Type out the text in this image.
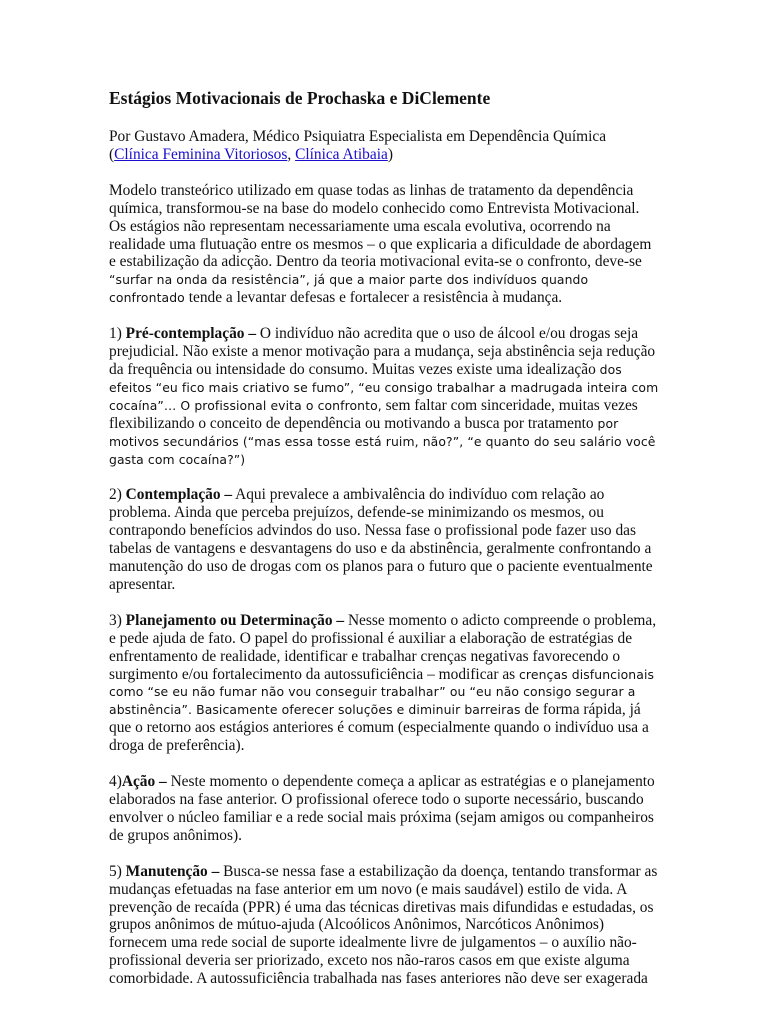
Estágios Motivacionais de Prochaska e DiClemente

Por Gustavo Amadera, Médico Psiquiatra Especialista em Dependência Química (Clínica Feminina Vitoriosos, Clínica Atibaia)

Modelo transteórico utilizado em quase todas as linhas de tratamento da dependência química, transformou-se na base do modelo conhecido como Entrevista Motivacional. Os estágios não representam necessariamente uma escala evolutiva, ocorrendo na realidade uma flutuação entre os mesmos – o que explicaria a dificuldade de abordagem e estabilização da adicção. Dentro da teoria motivacional evita-se o confronto, deve-se “surfar na onda da resistência”, já que a maior parte dos indivíduos quando confrontado tende a levantar defesas e fortalecer a resistência à mudança.

1) Pré-contemplação – O indivíduo não acredita que o uso de álcool e/ou drogas seja prejudicial. Não existe a menor motivação para a mudança, seja abstinência seja redução da frequência ou intensidade do consumo. Muitas vezes existe uma idealização dos efeitos “eu fico mais criativo se fumo”, “eu consigo trabalhar a madrugada inteira com cocaína”… O profissional evita o confronto, sem faltar com sinceridade, muitas vezes flexibilizando o conceito de dependência ou motivando a busca por tratamento por motivos secundários (“mas essa tosse está ruim, não?”, “e quanto do seu salário você gasta com cocaína?”)

2) Contemplação – Aqui prevalece a ambivalência do indivíduo com relação ao problema. Ainda que perceba prejuízos, defende-se minimizando os mesmos, ou contrapondo benefícios advindos do uso. Nessa fase o profissional pode fazer uso das tabelas de vantagens e desvantagens do uso e da abstinência, geralmente confrontando a manutenção do uso de drogas com os planos para o futuro que o paciente eventualmente apresentar.

3) Planejamento ou Determinação – Nesse momento o adicto compreende o problema, e pede ajuda de fato. O papel do profissional é auxiliar a elaboração de estratégias de enfrentamento de realidade, identificar e trabalhar crenças negativas favorecendo o surgimento e/ou fortalecimento da autossuficiência – modificar as crenças disfuncionais como “se eu não fumar não vou conseguir trabalhar” ou “eu não consigo segurar a abstinência”. Basicamente oferecer soluções e diminuir barreiras de forma rápida, já que o retorno aos estágios anteriores é comum (especialmente quando o indivíduo usa a droga de preferência).

4)Ação – Neste momento o dependente começa a aplicar as estratégias e o planejamento elaborados na fase anterior. O profissional oferece todo o suporte necessário, buscando envolver o núcleo familiar e a rede social mais próxima (sejam amigos ou companheiros de grupos anônimos).

5) Manutenção – Busca-se nessa fase a estabilização da doença, tentando transformar as mudanças efetuadas na fase anterior em um novo (e mais saudável) estilo de vida. A prevenção de recaída (PPR) é uma das técnicas diretivas mais difundidas e estudadas, os grupos anônimos de mútuo-ajuda (Alcoólicos Anônimos, Narcóticos Anônimos) fornecem uma rede social de suporte idealmente livre de julgamentos – o auxílio não-profissional deveria ser priorizado, exceto nos não-raros casos em que existe alguma comorbidade. A autossuficiência trabalhada nas fases anteriores não deve ser exagerada
